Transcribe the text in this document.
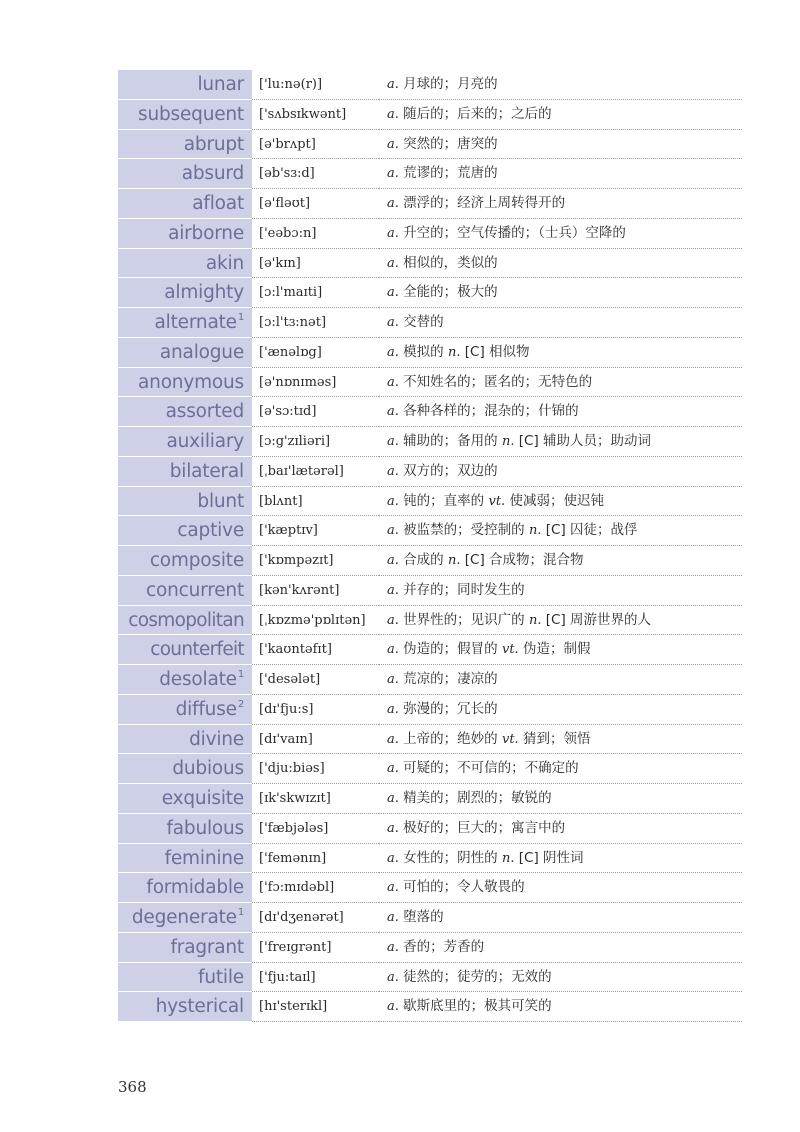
lunar	['lu:nə(r)]	a. 月球的；月亮的
subsequent	['sʌbsɪkwənt]	a. 随后的；后来的；之后的
abrupt	[ə'brʌpt]	a. 突然的；唐突的
absurd	[əb'sɜ:d]	a. 荒谬的；荒唐的
afloat	[ə'fləʊt]	a. 漂浮的；经济上周转得开的
airborne	['eəbɔ:n]	a. 升空的；空气传播的；（士兵）空降的
akin	[ə'kɪn]	a. 相似的，类似的
almighty	[ɔ:l'maɪti]	a. 全能的；极大的
alternate$^1$	[ɔ:l'tɜ:nət]	a. 交替的
analogue	['ænəlɒg]	a. 模拟的 n. [C] 相似物
anonymous	[ə'nɒnɪməs]	a. 不知姓名的；匿名的；无特色的
assorted	[ə'sɔ:tɪd]	a. 各种各样的；混杂的；什锦的
auxiliary	[ɔ:g'zɪliəri]	a. 辅助的；备用的 n. [C] 辅助人员；助动词
bilateral	[ˌbaɪ'lætərəl]	a. 双方的；双边的
blunt	[blʌnt]	a. 钝的；直率的 vt. 使减弱；使迟钝
captive	['kæptɪv]	a. 被监禁的；受控制的 n. [C] 囚徒；战俘
composite	['kɒmpəzɪt]	a. 合成的 n. [C] 合成物；混合物
concurrent	[kən'kʌrənt]	a. 并存的；同时发生的
cosmopolitan	[ˌkɒzmə'pɒlɪtən]	a. 世界性的；见识广的 n. [C] 周游世界的人
counterfeit	['kaʊntəfɪt]	a. 伪造的；假冒的 vt. 伪造；制假
desolate$^1$	['desələt]	a. 荒凉的；凄凉的
diffuse$^2$	[dɪ'fju:s]	a. 弥漫的；冗长的
divine	[dɪ'vaɪn]	a. 上帝的；绝妙的 vt. 猜到；领悟
dubious	['dju:biəs]	a. 可疑的；不可信的；不确定的
exquisite	[ɪk'skwɪzɪt]	a. 精美的；剧烈的；敏锐的
fabulous	['fæbjələs]	a. 极好的；巨大的；寓言中的
feminine	['femənɪn]	a. 女性的；阴性的 n. [C] 阴性词
formidable	['fɔ:mɪdəbl]	a. 可怕的；令人敬畏的
degenerate$^1$	[dɪ'dʒenərət]	a. 堕落的
fragrant	['freɪgrənt]	a. 香的；芳香的
futile	['fju:taɪl]	a. 徒然的；徒劳的；无效的
hysterical	[hɪ'sterɪkl]	a. 歇斯底里的；极其可笑的
368
